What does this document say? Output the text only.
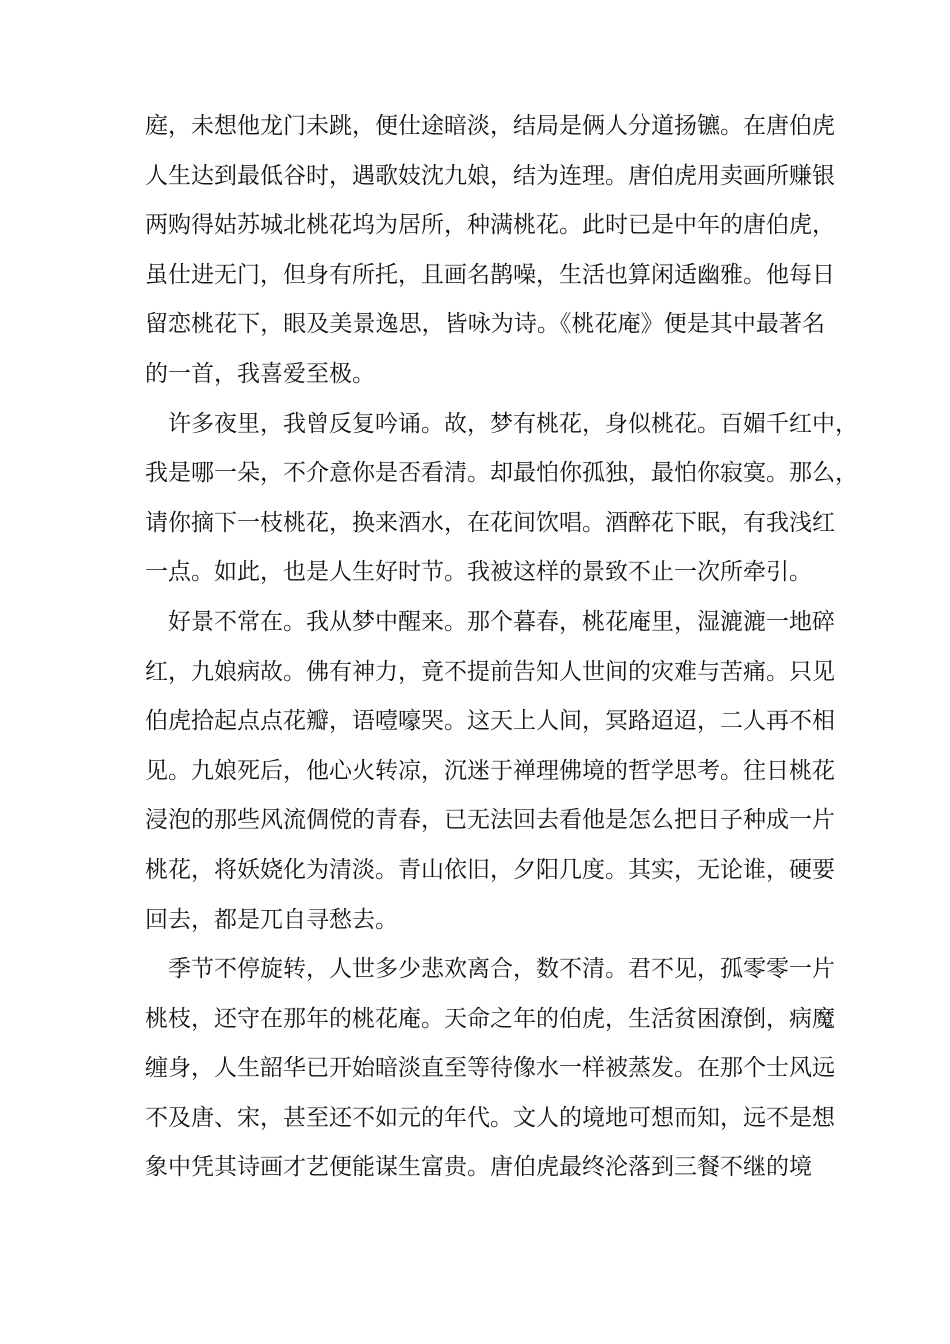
庭，未想他龙门未跳，便仕途暗淡，结局是俩人分道扬镳。在唐伯虎
人生达到最低谷时，遇歌妓沈九娘，结为连理。唐伯虎用卖画所赚银
两购得姑苏城北桃花坞为居所，种满桃花。此时已是中年的唐伯虎，
虽仕进无门，但身有所托，且画名鹊噪，生活也算闲适幽雅。他每日
留恋桃花下，眼及美景逸思，皆咏为诗。《桃花庵》便是其中最著名
的一首，我喜爱至极。
许多夜里，我曾反复吟诵。故，梦有桃花，身似桃花。百媚千红中，
我是哪一朵，不介意你是否看清。却最怕你孤独，最怕你寂寞。那么，
请你摘下一枝桃花，换来酒水，在花间饮唱。酒醉花下眠，有我浅红
一点。如此，也是人生好时节。我被这样的景致不止一次所牵引。
好景不常在。我从梦中醒来。那个暮春，桃花庵里，湿漉漉一地碎
红，九娘病故。佛有神力，竟不提前告知人世间的灾难与苦痛。只见
伯虎拾起点点花瓣，语噎嚎哭。这天上人间，冥路迢迢，二人再不相
见。九娘死后，他心火转凉，沉迷于禅理佛境的哲学思考。往日桃花
浸泡的那些风流倜傥的青春，已无法回去看他是怎么把日子种成一片
桃花，将妖娆化为清淡。青山依旧，夕阳几度。其实，无论谁，硬要
回去，都是兀自寻愁去。
季节不停旋转，人世多少悲欢离合，数不清。君不见，孤零零一片
桃枝，还守在那年的桃花庵。天命之年的伯虎，生活贫困潦倒，病魔
缠身，人生韶华已开始暗淡直至等待像水一样被蒸发。在那个士风远
不及唐、宋，甚至还不如元的年代。文人的境地可想而知，远不是想
象中凭其诗画才艺便能谋生富贵。唐伯虎最终沦落到三餐不继的境
